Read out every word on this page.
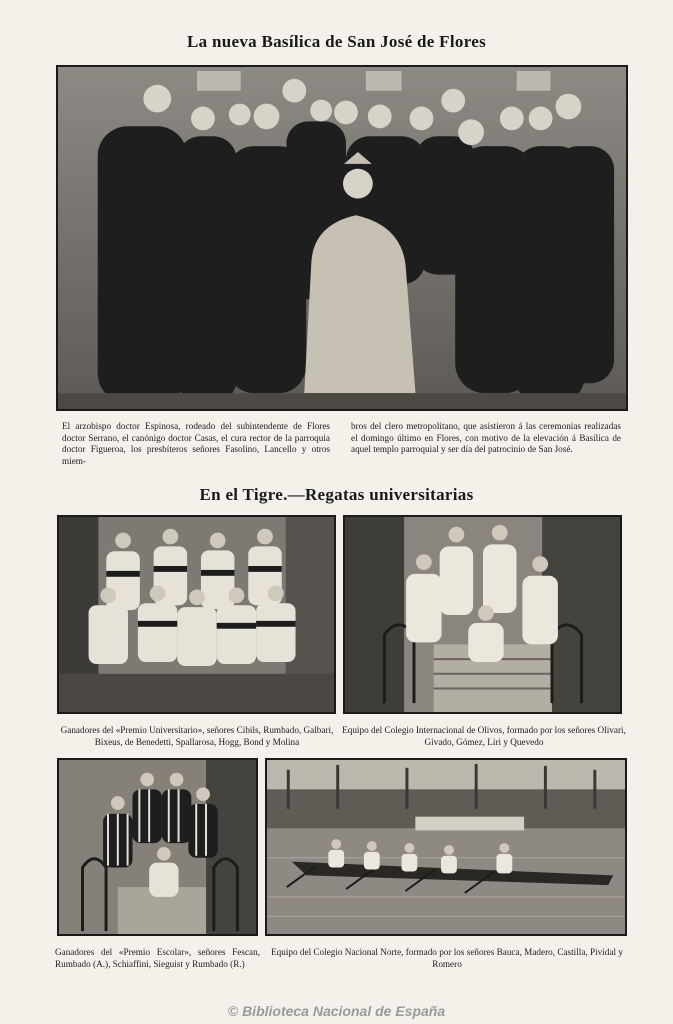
La nueva Basílica de San José de Flores
El arzobispo doctor Espinosa, rodeado del subintendente de Flores doctor Serrano, el canónigo doctor Casas, el cura rector de la parroquia doctor Figueroa, los presbíteros señores Fasolino, Lancello y otros miem-
bros del clero metropolitano, que asistieron á las ceremonias realizadas el domingo último en Flores, con motivo de la elevación á Basílica de aquel templo parroquial y ser día del patrocinio de San José.
En el Tigre.—Regatas universitarias
Ganadores del «Premio Universitario», señores Cibils, Rumbado, Galbari, Bixeus, de Benedetti, Spallarosa, Hogg, Bond y Molina
Equipo del Colegio Internacional de Olivos, formado por los señores Olivari, Givado, Gómez, Liri y Quevedo
Ganadores del «Premio Escolar», señores Fescan, Rumbado (A.), Schiaffini, Sieguist y Rumbado (R.)
Equipo del Colegio Nacional Norte, formado por los señores Bauca, Madero, Castilla, Pividal y Romero
© Biblioteca Nacional de España
